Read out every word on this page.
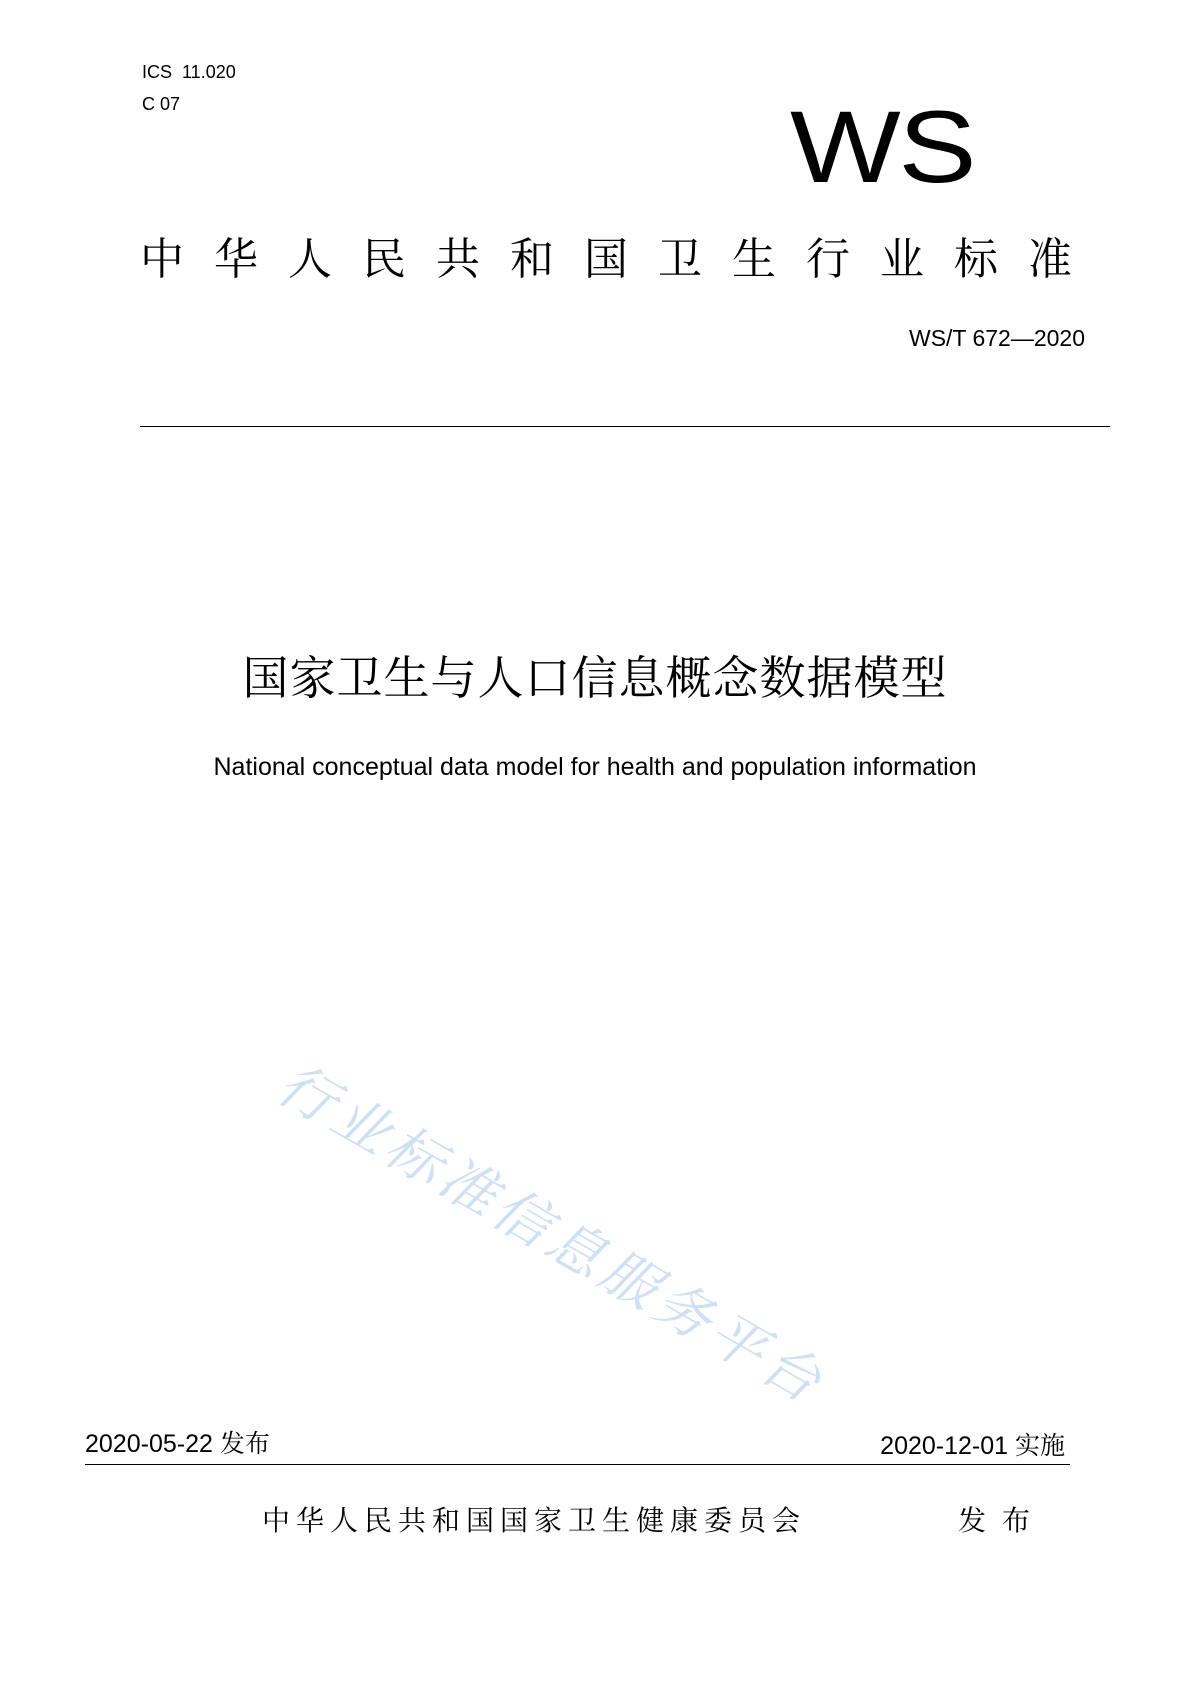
ICS  11.020
C 07	WS
中华人民共和国卫生行业标准
WS/T 672—2020
国家卫生与人口信息概念数据模型
National conceptual data model for health and population information
行业标准信息服务平台
2020-05-22 发布	2020-12-01 实施
中华人民共和国国家卫生健康委员会	发布
